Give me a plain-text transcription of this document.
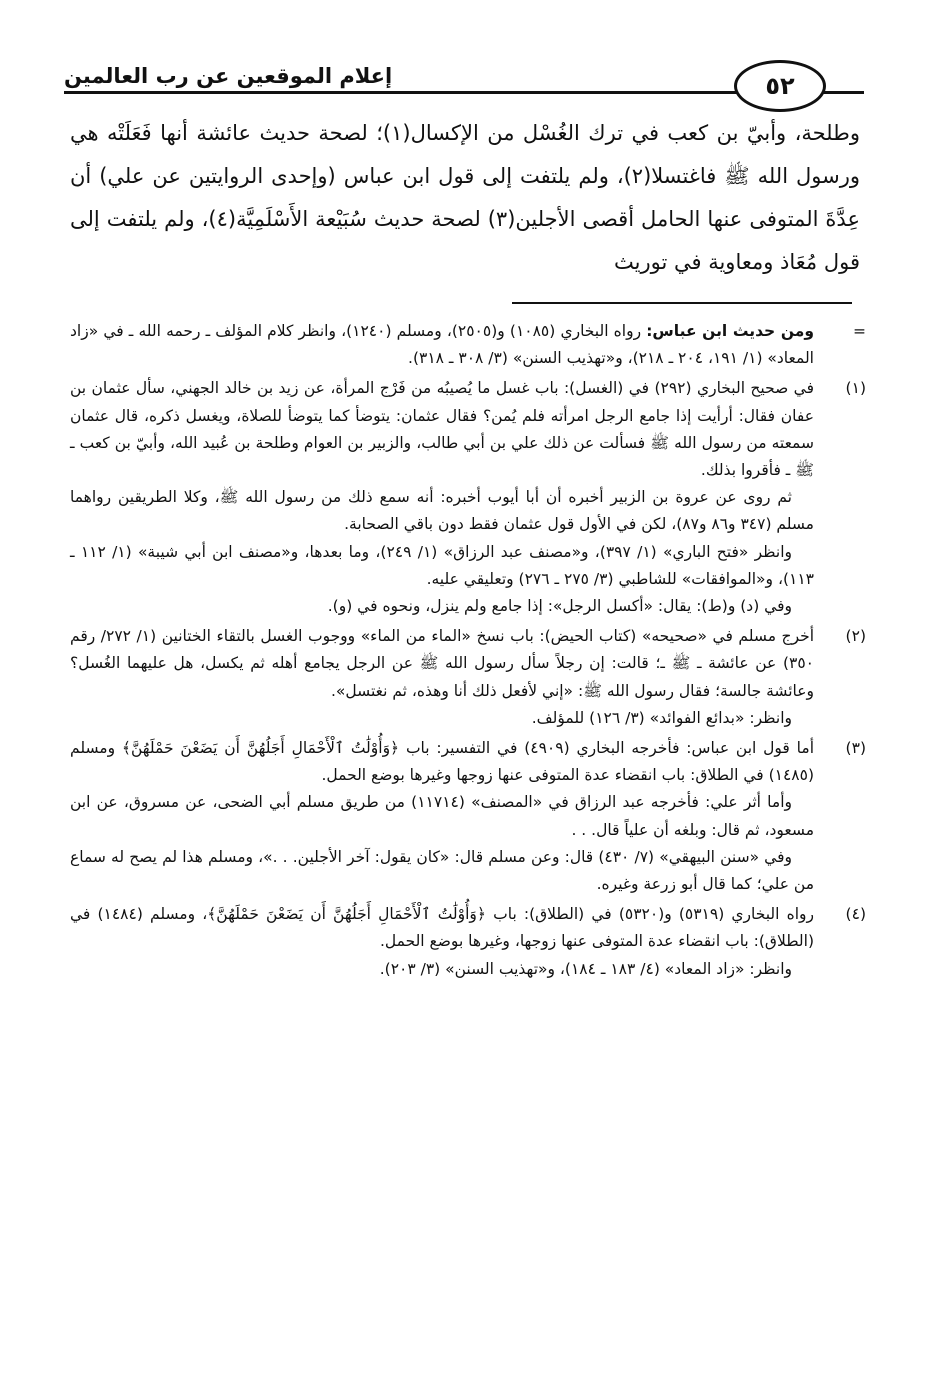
إعلام الموقعين عن رب العالمين	٥٢

وطلحة، وأبيّ بن كعب في ترك الغُسْل من الإكسال(١)؛ لصحة حديث عائشة أنها فَعَلَتْه هي ورسول الله ﷺ فاغتسلا(٢)، ولم يلتفت إلى قول ابن عباس (وإحدى الروايتين عن علي) أن عِدَّةَ المتوفى عنها الحامل أقصى الأجلين(٣) لصحة حديث سُبَيْعة الأَسْلَمِيَّة(٤)، ولم يلتفت إلى قول مُعَاذ ومعاوية في توريث

=

ومن حديث ابن عباس: رواه البخاري (١٠٨٥) و(٢٥٠٥)، ومسلم (١٢٤٠)، وانظر كلام المؤلف ـ رحمه الله ـ في «زاد المعاد» (١/ ١٩١، ٢٠٤ ـ ٢١٨)، و«تهذيب السنن» (٣/ ٣٠٨ ـ ٣١٨).

(١)

في صحيح البخاري (٢٩٢) في (الغسل): باب غسل ما يُصيبُه من فَرْج المرأة، عن زيد بن خالد الجهني، سأل عثمان بن عفان فقال: أرأيت إذا جامع الرجل امرأته فلم يُمن؟ فقال عثمان: يتوضأ كما يتوضأ للصلاة، ويغسل ذكره، قال عثمان سمعته من رسول الله ﷺ فسألت عن ذلك علي بن أبي طالب، والزبير بن العوام وطلحة بن عُبيد الله، وأبيّ بن كعب ـ ﷺ ـ فأقروا بذلك.

ثم روى عن عروة بن الزبير أخبره أن أبا أيوب أخبره: أنه سمع ذلك من رسول الله ﷺ، وكلا الطريقين رواهما مسلم (٣٤٧ و٨٦ و٨٧)، لكن في الأول قول عثمان فقط دون باقي الصحابة.

وانظر «فتح الباري» (١/ ٣٩٧)، و«مصنف عبد الرزاق» (١/ ٢٤٩)، وما بعدها، و«مصنف ابن أبي شيبة» (١/ ١١٢ ـ ١١٣)، و«الموافقات» للشاطبي (٣/ ٢٧٥ ـ ٢٧٦) وتعليقي عليه.

وفي (د) و(ط): يقال: «أكسل الرجل»: إذا جامع ولم ينزل، ونحوه في (و).

(٢)

أخرج مسلم في «صحيحه» (كتاب الحيض): باب نسخ «الماء من الماء» ووجوب الغسل بالتقاء الختانين (١/ ٢٧٢/ رقم ٣٥٠) عن عائشة ـ ﷺ ـ؛ قالت: إن رجلاً سأل رسول الله ﷺ عن الرجل يجامع أهله ثم يكسل، هل عليهما الغُسل؟ وعائشة جالسة؛ فقال رسول الله ﷺ: «إني لأفعل ذلك أنا وهذه، ثم نغتسل».

وانظر: «بدائع الفوائد» (٣/ ١٢٦) للمؤلف.

(٣)

أما قول ابن عباس: فأخرجه البخاري (٤٩٠٩) في التفسير: باب ﴿وَأُوْلَٰتُ ٱلْأَحْمَالِ أَجَلُهُنَّ أَن يَضَعْنَ حَمْلَهُنَّ﴾ ومسلم (١٤٨٥) في الطلاق: باب انقضاء عدة المتوفى عنها زوجها وغيرها بوضع الحمل.

وأما أثر علي: فأخرجه عبد الرزاق في «المصنف» (١١٧١٤) من طريق مسلم أبي الضحى، عن مسروق، عن ابن مسعود، ثم قال: وبلغه أن علياً قال. . .

وفي «سنن البيهقي» (٧/ ٤٣٠) قال: وعن مسلم قال: «كان يقول: آخر الأجلين. . .»، ومسلم هذا لم يصح له سماع من علي؛ كما قال أبو زرعة وغيره.

(٤)

رواه البخاري (٥٣١٩) و(٥٣٢٠) في (الطلاق): باب ﴿وَأُوْلَٰتُ ٱلْأَحْمَالِ أَجَلُهُنَّ أَن يَضَعْنَ حَمْلَهُنَّ﴾، ومسلم (١٤٨٤) في (الطلاق): باب انقضاء عدة المتوفى عنها زوجها، وغيرها بوضع الحمل.

وانظر: «زاد المعاد» (٤/ ١٨٣ ـ ١٨٤)، و«تهذيب السنن» (٣/ ٢٠٣).
